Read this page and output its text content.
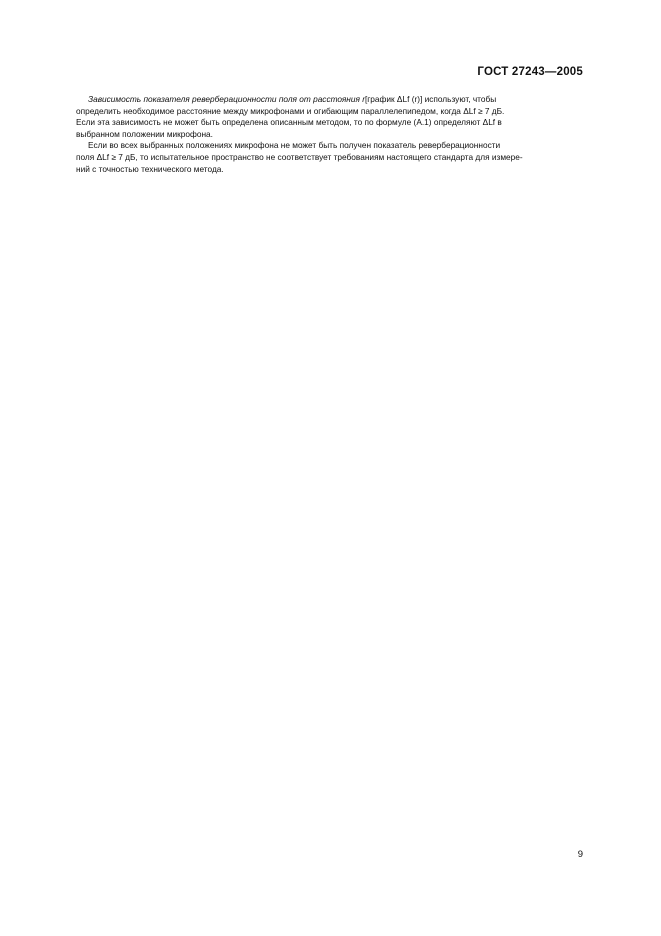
ГОСТ 27243—2005

Зависимость показателя реверберационности поля от расстояния r [график ΔLf (r)] используют, чтобы
определить необходимое расстояние между микрофонами и огибающим параллелепипедом, когда ΔLf ≥ 7 дБ.
Если эта зависимость не может быть определена описанным методом, то по формуле (А.1) определяют ΔLf в
выбранном положении микрофона.

Если во всех выбранных положениях микрофона не может быть получен показатель реверберационности
поля ΔLf ≥ 7 дБ, то испытательное пространство не соответствует требованиям настоящего стандарта для измере-
ний с точностью технического метода.

9
